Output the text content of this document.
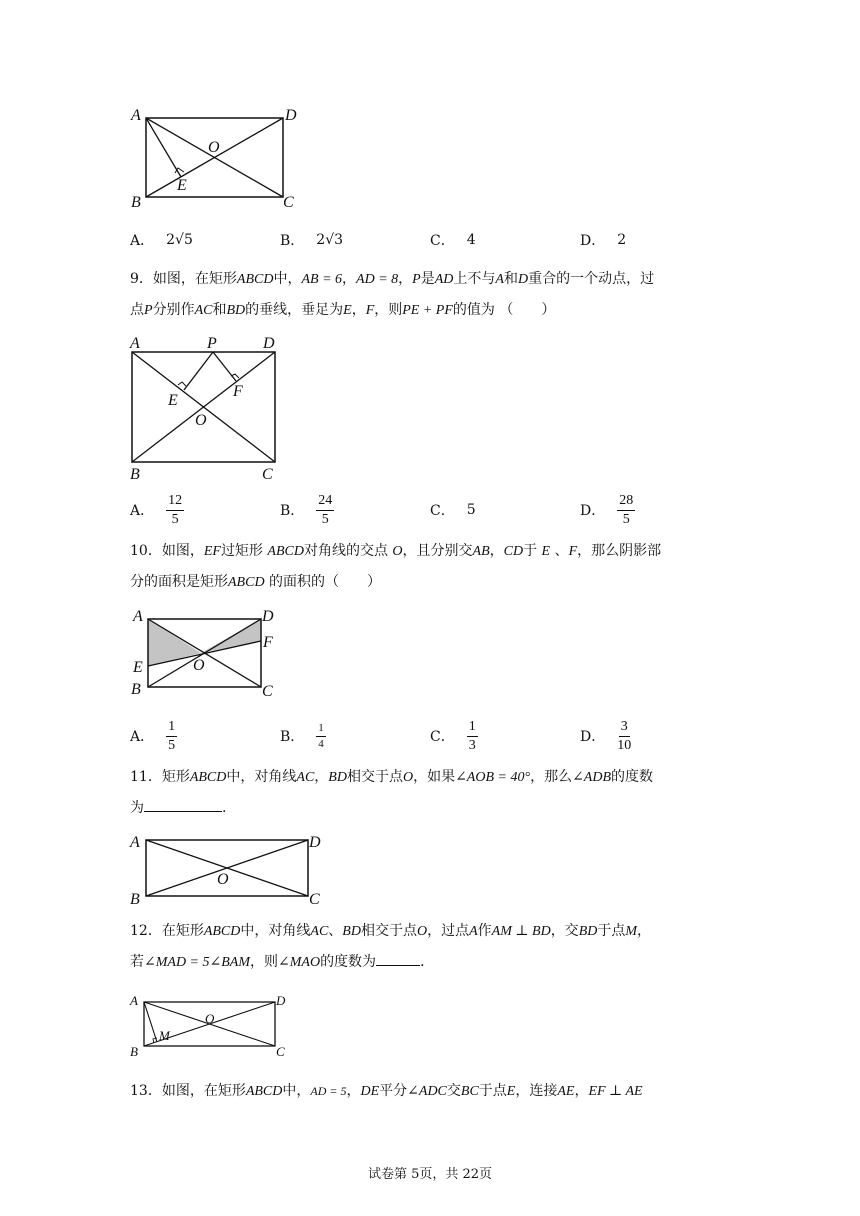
A
B	C
D
O
E
A． 2√5	B． 2√3	C． 4	D． 2
9．如图，在矩形ABCD中，AB = 6，AD = 8，P是AD上不与A和D重合的一个动点，过
点P分别作AC和BD的垂线，垂足为E，F，则PE + PF的值为 （　　）
A	P	D
E
F
O
B	C
A． $\frac{12}{5}$	B． $\frac{24}{5}$	C． 5	D． $\frac{28}{5}$
10．如图，EF过矩形 ABCD对角线的交点 O，且分别交AB，CD于 E 、F，那么阴影部
分的面积是矩形ABCD 的面积的（　　）
A	D
F
E	O
B	C
A． $\frac{1}{5}$	B． $\frac{1}{4}$	C． $\frac{1}{3}$	D． $\frac{3}{10}$
11．矩形ABCD中，对角线AC，BD相交于点O，如果∠AOB = 40°，那么∠ADB的度数
为	.
A	D
B
O
C
12．在矩形ABCD中，对角线AC、BD相交于点O，过点A作AM ⊥ BD，交BD于点M，
若∠MAD = 5∠BAM，则∠MAO的度数为	．
A	D
O
M
B	C
13．如图，在矩形ABCD中，AD = 5，DE平分∠ADC交BC于点E，连接AE，EF ⊥ AE
试卷第 5页，共 22页
